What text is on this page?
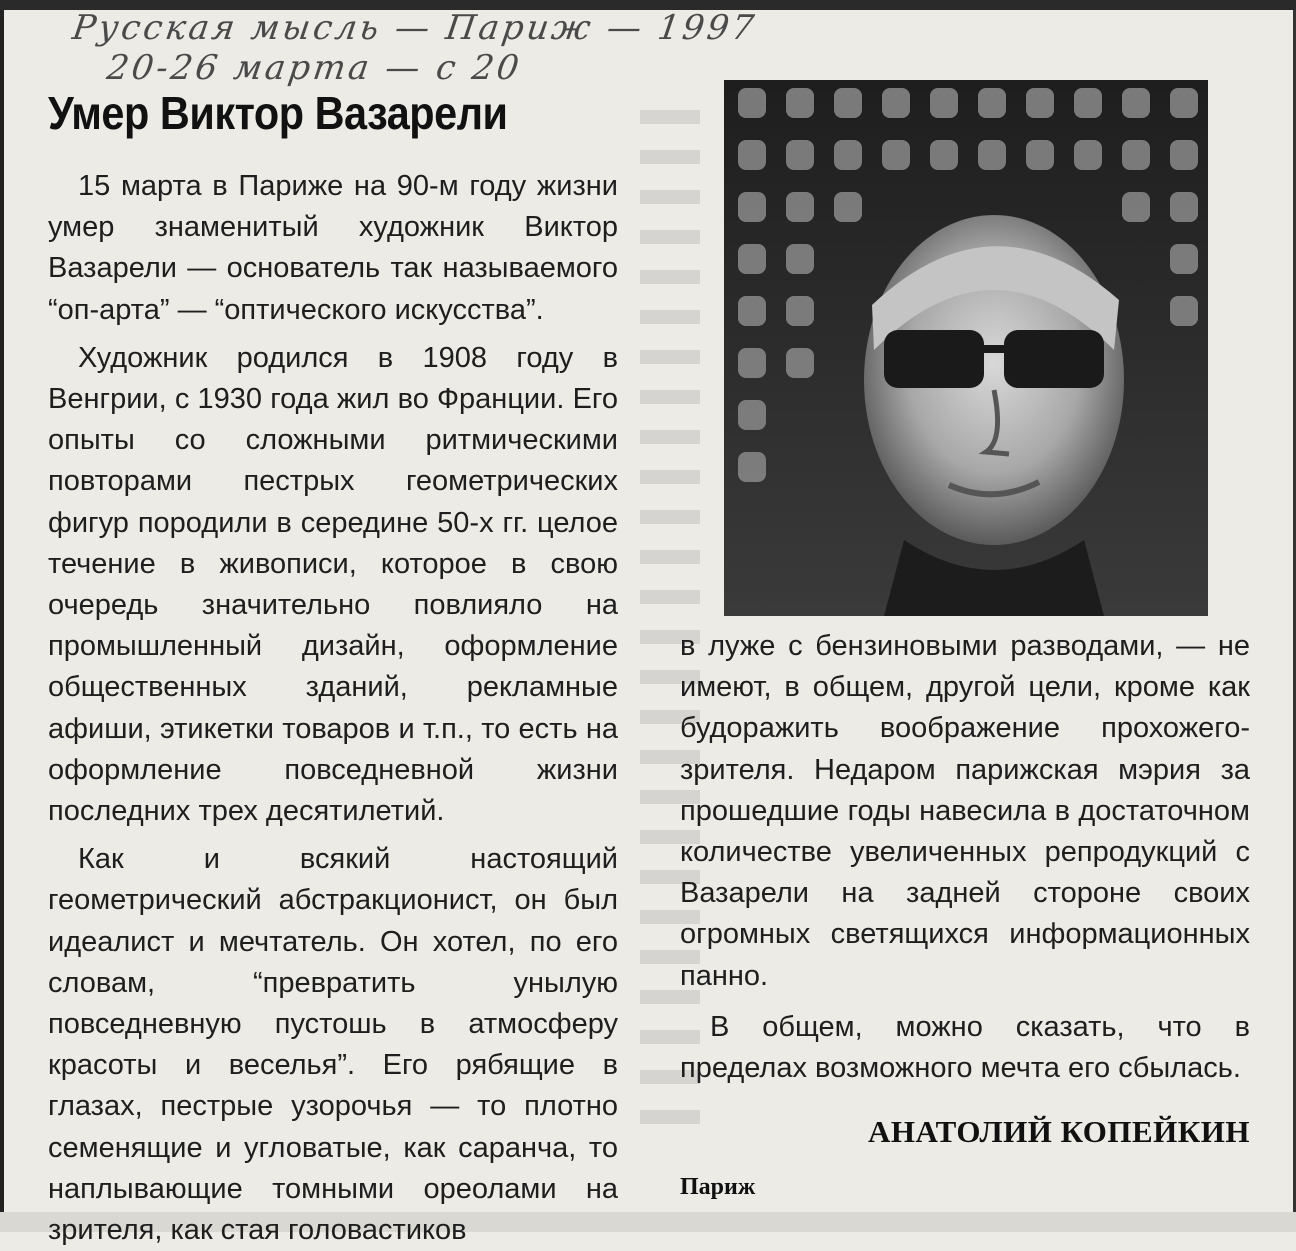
Русская мысль — Париж — 1997
20-26 марта — с 20
Умер Виктор Вазарели

15 марта в Париже на 90-м году жизни умер знаменитый художник Виктор Вазарели — основатель так называемого “оп-арта” — “оптического искусства”.

Художник родился в 1908 году в Венгрии, с 1930 года жил во Франции. Его опыты со сложными ритмическими повторами пестрых геометрических фигур породили в середине 50-х гг. целое течение в живописи, которое в свою очередь значительно повлияло на промышленный дизайн, оформление общественных зданий, рекламные афиши, этикетки товаров и т.п., то есть на оформление повседневной жизни последних трех десятилетий.

Как и всякий настоящий геометрический абстракционист, он был идеалист и мечтатель. Он хотел, по его словам, “превратить унылую повседневную пустошь в атмосферу красоты и веселья”. Его рябящие в глазах, пестрые узорочья — то плотно семенящие и угловатые, как саранча, то наплывающие томными ореолами на зрителя, как стая головастиков

в луже с бензиновыми разводами, — не имеют, в общем, другой цели, кроме как будоражить воображение прохожего-зрителя. Недаром парижская мэрия за прошедшие годы навесила в достаточном количестве увеличенных репродукций с Вазарели на задней стороне своих огромных светящихся информационных панно.

В общем, можно сказать, что в пределах возможного мечта его сбылась.

АНАТОЛИЙ КОПЕЙКИН
Париж
